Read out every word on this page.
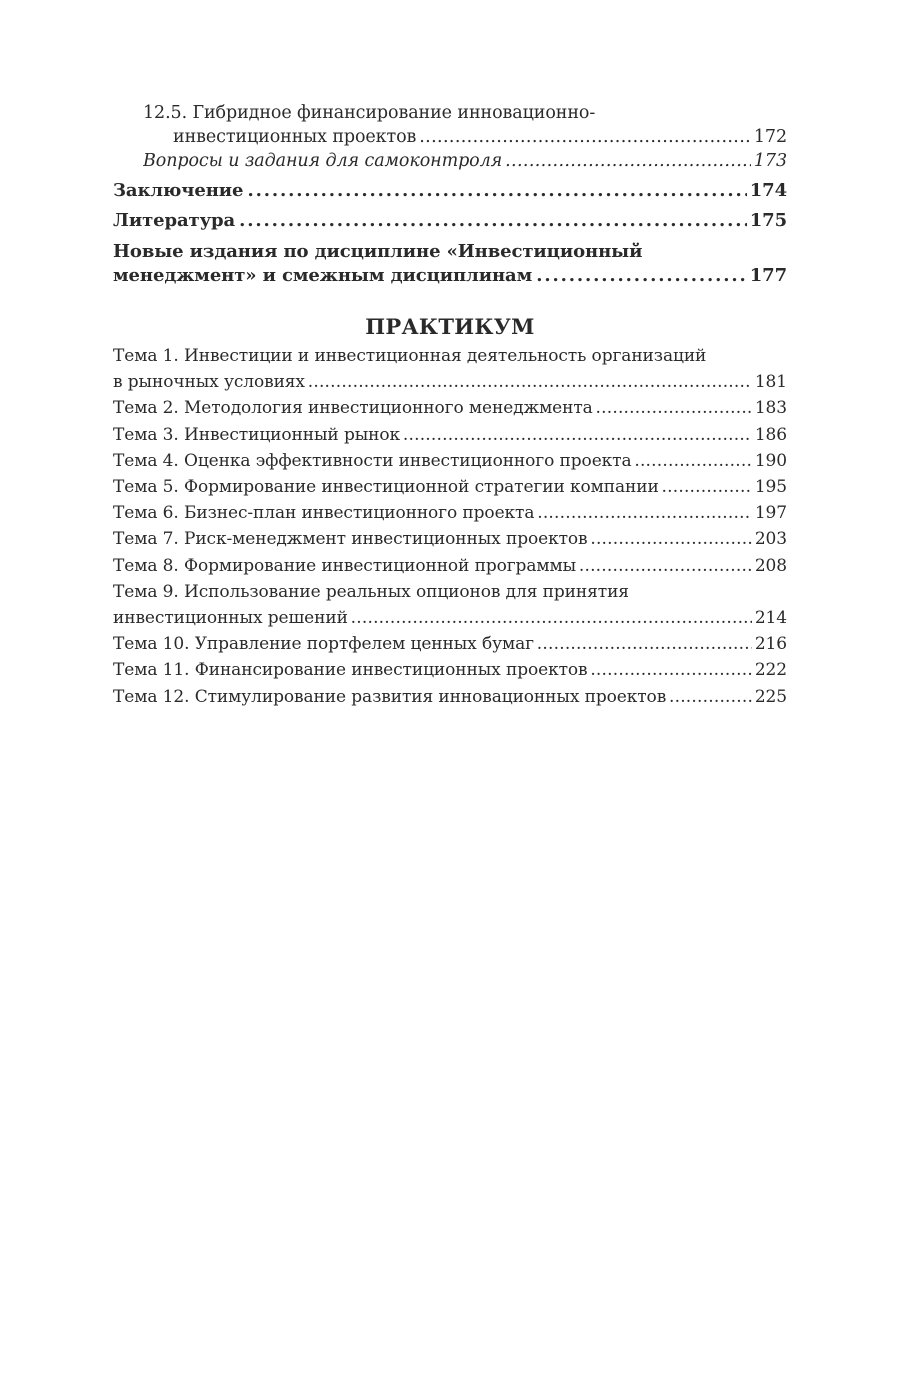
12.5. Гибридное финансирование инновационно-
инвестиционных проектов . . .	172
Вопросы и задания для самоконтроля . . .	173
Заключение . . .	174
Литература . . .	175
Новые издания по дисциплине «Инвестиционный
менеджмент» и смежным дисциплинам . . .	177
ПРАКТИКУМ
Тема 1. Инвестиции и инвестиционная деятельность организаций
в рыночных условиях . . .	181
Тема 2. Методология инвестиционного менеджмента . . .	183
Тема 3. Инвестиционный рынок . . .	186
Тема 4. Оценка эффективности инвестиционного проекта . . .	190
Тема 5. Формирование инвестиционной стратегии компании . . .	195
Тема 6. Бизнес-план инвестиционного проекта . . .	197
Тема 7. Риск-менеджмент инвестиционных проектов . . .	203
Тема 8. Формирование инвестиционной программы . . .	208
Тема 9. Использование реальных опционов для принятия
инвестиционных решений . . .	214
Тема 10. Управление портфелем ценных бумаг . . .	216
Тема 11. Финансирование инвестиционных проектов . . .	222
Тема 12. Стимулирование развития инновационных проектов . . .	225
